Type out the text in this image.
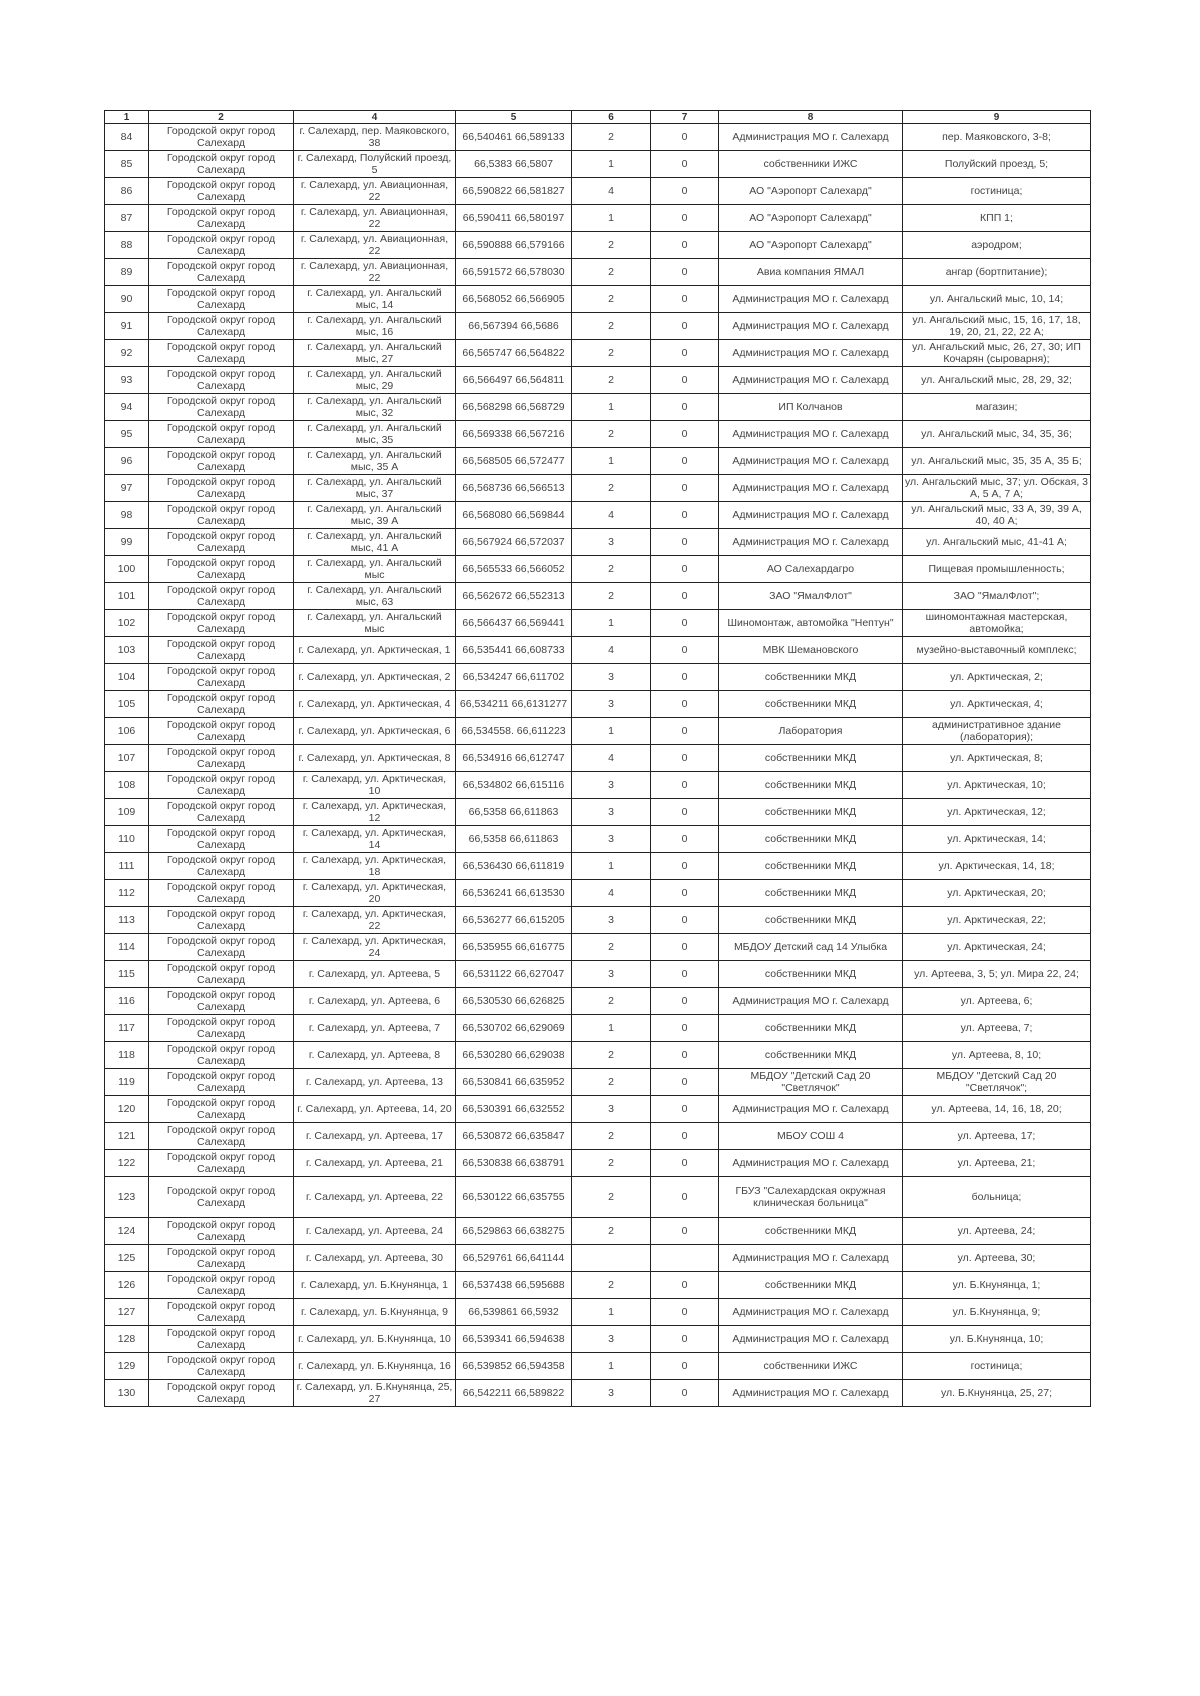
1	2	4	5	6	7	8	9
84	Городской округ город Салехард	г. Салехард, пер. Маяковского, 38	66,540461 66,589133	2	0	Администрация МО г. Салехард	пер. Маяковского, 3-8;
85	Городской округ город Салехард	г. Салехард, Полуйский проезд, 5	66,5383 66,5807	1	0	собственники ИЖС	Полуйский проезд, 5;
86	Городской округ город Салехард	г. Салехард, ул. Авиационная, 22	66,590822 66,581827	4	0	АО "Аэропорт Салехард"	гостиница;
87	Городской округ город Салехард	г. Салехард, ул. Авиационная, 22	66,590411 66,580197	1	0	АО "Аэропорт Салехард"	КПП 1;
88	Городской округ город Салехард	г. Салехард, ул. Авиационная, 22	66,590888 66,579166	2	0	АО "Аэропорт Салехард"	аэродром;
89	Городской округ город Салехард	г. Салехард, ул. Авиационная, 22	66,591572 66,578030	2	0	Авиа компания ЯМАЛ	ангар (бортпитание);
90	Городской округ город Салехард	г. Салехард, ул. Ангальский мыс, 14	66,568052 66,566905	2	0	Администрация МО г. Салехард	ул. Ангальский мыс, 10, 14;
91	Городской округ город Салехард	г. Салехард, ул. Ангальский мыс, 16	66,567394 66,5686	2	0	Администрация МО г. Салехард	ул. Ангальский мыс, 15, 16, 17, 18, 19, 20, 21, 22, 22 А;
92	Городской округ город Салехард	г. Салехард, ул. Ангальский мыс, 27	66,565747 66,564822	2	0	Администрация МО г. Салехард	ул. Ангальский мыс, 26, 27, 30; ИП Кочарян (сыроварня);
93	Городской округ город Салехард	г. Салехард, ул. Ангальский мыс, 29	66,566497 66,564811	2	0	Администрация МО г. Салехард	ул. Ангальский мыс, 28, 29, 32;
94	Городской округ город Салехард	г. Салехард, ул. Ангальский мыс, 32	66,568298 66,568729	1	0	ИП Колчанов	магазин;
95	Городской округ город Салехард	г. Салехард, ул. Ангальский мыс, 35	66,569338 66,567216	2	0	Администрация МО г. Салехард	ул. Ангальский мыс, 34, 35, 36;
96	Городской округ город Салехард	г. Салехард, ул. Ангальский мыс, 35 А	66,568505 66,572477	1	0	Администрация МО г. Салехард	ул. Ангальский мыс, 35, 35 А, 35 Б;
97	Городской округ город Салехард	г. Салехард, ул. Ангальский мыс, 37	66,568736 66,566513	2	0	Администрация МО г. Салехард	ул. Ангальский мыс, 37; ул. Обская, 3 А, 5 А, 7 А;
98	Городской округ город Салехард	г. Салехард, ул. Ангальский мыс, 39 А	66,568080 66,569844	4	0	Администрация МО г. Салехард	ул. Ангальский мыс, 33 А, 39, 39 А, 40, 40 А;
99	Городской округ город Салехард	г. Салехард, ул. Ангальский мыс, 41 А	66,567924 66,572037	3	0	Администрация МО г. Салехард	ул. Ангальский мыс, 41-41 А;
100	Городской округ город Салехард	г. Салехард, ул. Ангальский мыс	66,565533 66,566052	2	0	АО Салехардагро	Пищевая промышленность;
101	Городской округ город Салехард	г. Салехард, ул. Ангальский мыс, 63	66,562672 66,552313	2	0	ЗАО "ЯмалФлот"	ЗАО "ЯмалФлот";
102	Городской округ город Салехард	г. Салехард, ул. Ангальский мыс	66,566437 66,569441	1	0	Шиномонтаж, автомойка "Нептун"	шиномонтажная мастерская, автомойка;
103	Городской округ город Салехард	г. Салехард, ул. Арктическая, 1	66,535441 66,608733	4	0	МВК Шемановского	музейно-выставочный комплекс;
104	Городской округ город Салехард	г. Салехард, ул. Арктическая, 2	66,534247 66,611702	3	0	собственники МКД	ул. Арктическая, 2;
105	Городской округ город Салехард	г. Салехард, ул. Арктическая, 4	66,534211 66,6131277	3	0	собственники МКД	ул. Арктическая, 4;
106	Городской округ город Салехард	г. Салехард, ул. Арктическая, 6	66,534558. 66,611223	1	0	Лаборатория	административное здание (лаборатория);
107	Городской округ город Салехард	г. Салехард, ул. Арктическая, 8	66,534916 66,612747	4	0	собственники МКД	ул. Арктическая, 8;
108	Городской округ город Салехард	г. Салехард, ул. Арктическая, 10	66,534802 66,615116	3	0	собственники МКД	ул. Арктическая, 10;
109	Городской округ город Салехард	г. Салехард, ул. Арктическая, 12	66,5358 66,611863	3	0	собственники МКД	ул. Арктическая, 12;
110	Городской округ город Салехард	г. Салехард, ул. Арктическая, 14	66,5358 66,611863	3	0	собственники МКД	ул. Арктическая, 14;
111	Городской округ город Салехард	г. Салехард, ул. Арктическая, 18	66,536430 66,611819	1	0	собственники МКД	ул. Арктическая, 14, 18;
112	Городской округ город Салехард	г. Салехард, ул. Арктическая, 20	66,536241 66,613530	4	0	собственники МКД	ул. Арктическая, 20;
113	Городской округ город Салехард	г. Салехард, ул. Арктическая, 22	66,536277 66,615205	3	0	собственники МКД	ул. Арктическая, 22;
114	Городской округ город Салехард	г. Салехард, ул. Арктическая, 24	66,535955 66,616775	2	0	МБДОУ Детский сад 14 Улыбка	ул. Арктическая, 24;
115	Городской округ город Салехард	г. Салехард, ул. Артеева, 5	66,531122 66,627047	3	0	собственники МКД	ул. Артеева, 3, 5; ул. Мира 22, 24;
116	Городской округ город Салехард	г. Салехард, ул. Артеева, 6	66,530530 66,626825	2	0	Администрация МО г. Салехард	ул. Артеева, 6;
117	Городской округ город Салехард	г. Салехард, ул. Артеева, 7	66,530702 66,629069	1	0	собственники МКД	ул. Артеева, 7;
118	Городской округ город Салехард	г. Салехард, ул. Артеева, 8	66,530280 66,629038	2	0	собственники МКД	ул. Артеева, 8, 10;
119	Городской округ город Салехард	г. Салехард, ул. Артеева, 13	66,530841 66,635952	2	0	МБДОУ "Детский Сад 20 "Светлячок"	МБДОУ "Детский Сад 20 "Светлячок";
120	Городской округ город Салехард	г. Салехард, ул. Артеева, 14, 20	66,530391 66,632552	3	0	Администрация МО г. Салехард	ул. Артеева, 14, 16, 18, 20;
121	Городской округ город Салехард	г. Салехард, ул. Артеева, 17	66,530872 66,635847	2	0	МБОУ СОШ 4	ул. Артеева, 17;
122	Городской округ город Салехард	г. Салехард, ул. Артеева, 21	66,530838 66,638791	2	0	Администрация МО г. Салехард	ул. Артеева, 21;
123	Городской округ город Салехард	г. Салехард, ул. Артеева, 22	66,530122 66,635755	2	0	ГБУЗ "Салехардская окружная клиническая больница"	больница;
124	Городской округ город Салехард	г. Салехард, ул. Артеева, 24	66,529863 66,638275	2	0	собственники МКД	ул. Артеева, 24;
125	Городской округ город Салехард	г. Салехард, ул. Артеева, 30	66,529761 66,641144			Администрация МО г. Салехард	ул. Артеева, 30;
126	Городской округ город Салехард	г. Салехард, ул. Б.Кнунянца, 1	66,537438 66,595688	2	0	собственники МКД	ул. Б.Кнунянца, 1;
127	Городской округ город Салехард	г. Салехард, ул. Б.Кнунянца, 9	66,539861 66,5932	1	0	Администрация МО г. Салехард	ул. Б.Кнунянца, 9;
128	Городской округ город Салехард	г. Салехард, ул. Б.Кнунянца, 10	66,539341 66,594638	3	0	Администрация МО г. Салехард	ул. Б.Кнунянца, 10;
129	Городской округ город Салехард	г. Салехард, ул. Б.Кнунянца, 16	66,539852 66,594358	1	0	собственники ИЖС	гостиница;
130	Городской округ город Салехард	г. Салехард, ул. Б.Кнунянца, 25, 27	66,542211 66,589822	3	0	Администрация МО г. Салехард	ул. Б.Кнунянца, 25, 27;
